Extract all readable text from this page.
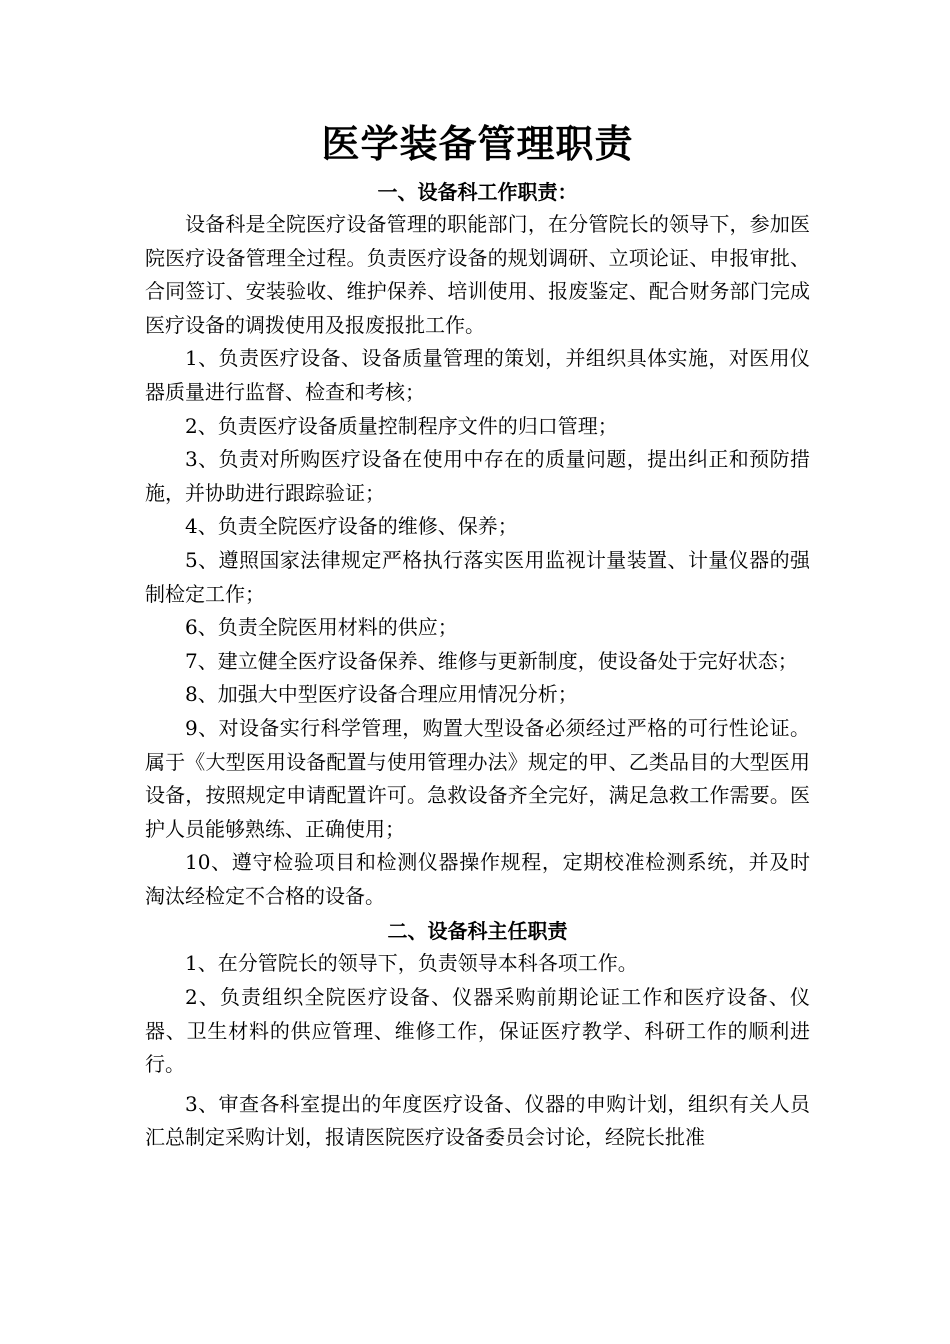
医学装备管理职责
一、设备科工作职责：

设备科是全院医疗设备管理的职能部门，在分管院长的领导下，参加医院医疗设备管理全过程。负责医疗设备的规划调研、立项论证、申报审批、合同签订、安装验收、维护保养、培训使用、报废鉴定、配合财务部门完成医疗设备的调拨使用及报废报批工作。

1、负责医疗设备、设备质量管理的策划，并组织具体实施，对医用仪器质量进行监督、检查和考核；

2、负责医疗设备质量控制程序文件的归口管理；

3、负责对所购医疗设备在使用中存在的质量问题，提出纠正和预防措施，并协助进行跟踪验证；

4、负责全院医疗设备的维修、保养；

5、遵照国家法律规定严格执行落实医用监视计量装置、计量仪器的强制检定工作；

6、负责全院医用材料的供应；

7、建立健全医疗设备保养、维修与更新制度，使设备处于完好状态；

8、加强大中型医疗设备合理应用情况分析；

9、对设备实行科学管理，购置大型设备必须经过严格的可行性论证。属于《大型医用设备配置与使用管理办法》规定的甲、乙类品目的大型医用设备，按照规定申请配置许可。急救设备齐全完好，满足急救工作需要。医护人员能够熟练、正确使用；

10、遵守检验项目和检测仪器操作规程，定期校准检测系统，并及时淘汰经检定不合格的设备。

二、设备科主任职责

1、在分管院长的领导下，负责领导本科各项工作。

2、负责组织全院医疗设备、仪器采购前期论证工作和医疗设备、仪器、卫生材料的供应管理、维修工作，保证医疗教学、科研工作的顺利进行。

3、审查各科室提出的年度医疗设备、仪器的申购计划，组织有关人员汇总制定采购计划，报请医院医疗设备委员会讨论，经院长批准
